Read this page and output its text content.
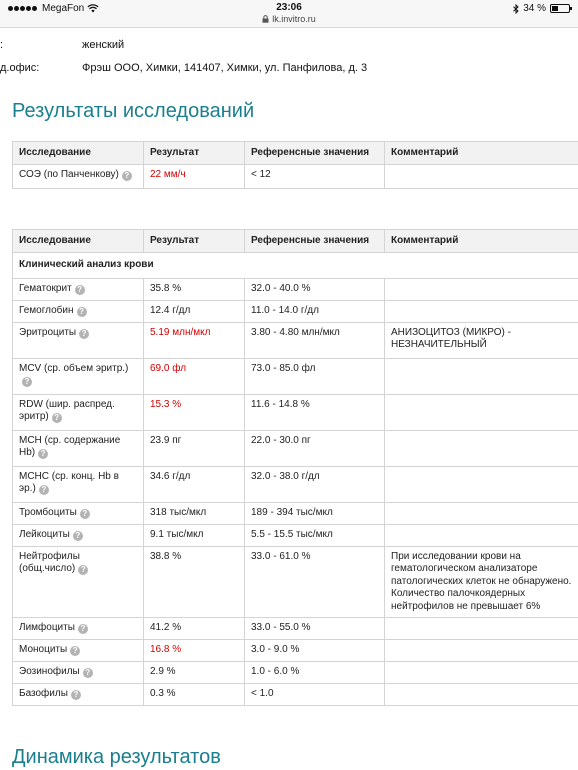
MegaFon	23:06
lk.invitro.ru
34 %
:	женский
д.офис:	Фрэш ООО, Химки, 141407, Химки, ул. Панфилова, д. 3
Результаты исследований
Исследование	Результат	Референсные значения	Комментарий
СОЭ (по Панченкову) ?	22 мм/ч	< 12	
Исследование	Результат	Референсные значения	Комментарий
Клинический анализ крови			
Гематокрит ?	35.8 %	32.0 - 40.0 %	
Гемоглобин ?	12.4 г/дл	11.0 - 14.0 г/дл	
Эритроциты ?	5.19 млн/мкл	3.80 - 4.80 млн/мкл	АНИЗОЦИТОЗ (МИКРО) - НЕЗНАЧИТЕЛЬНЫЙ
MCV (ср. объем эритр.)?	69.0 фл	73.0 - 85.0 фл	
RDW (шир. распред. эритр) ?	15.3 %	11.6 - 14.8 %	
MCH (ср. содержание Hb) ?	23.9 пг	22.0 - 30.0 пг	
MCHC (ср. конц. Hb в эр.) ?	34.6 г/дл	32.0 - 38.0 г/дл	
Тромбоциты ?	318 тыс/мкл	189 - 394 тыс/мкл	
Лейкоциты ?	9.1 тыс/мкл	5.5 - 15.5 тыс/мкл	
Нейтрофилы (общ.число) ?	38.8 %	33.0 - 61.0 %	При исследовании крови на гематологическом анализаторе патологических клеток не обнаружено. Количество палочкоядерных нейтрофилов не превышает 6%
Лимфоциты ?	41.2 %	33.0 - 55.0 %	
Моноциты ?	16.8 %	3.0 - 9.0 %	
Эозинофилы ?	2.9 %	1.0 - 6.0 %	
Базофилы ?	0.3 %	< 1.0	
Динамика результатов
